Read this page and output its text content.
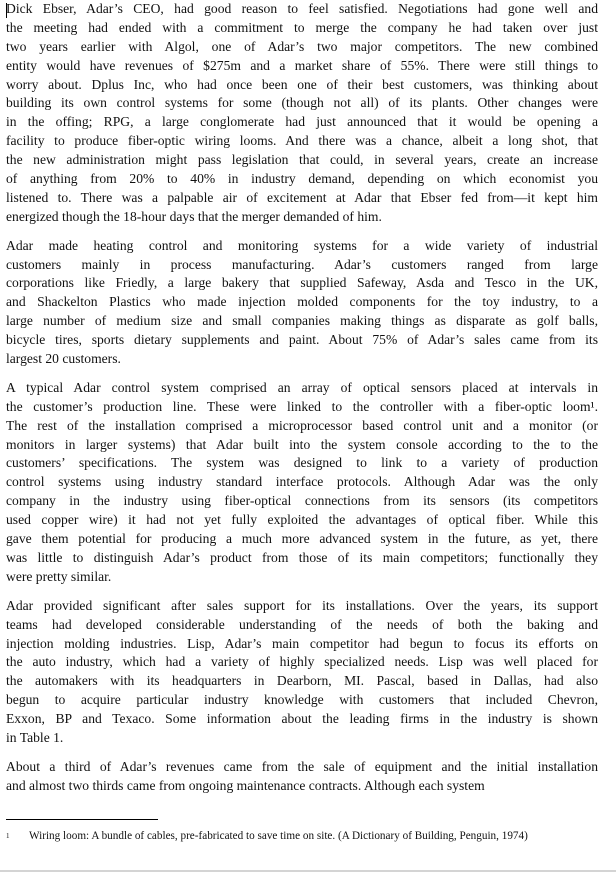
Dick Ebser, Adar’s CEO, had good reason to feel satisfied. Negotiations had gone well and
the meeting had ended with a commitment to merge the company he had taken over just
two years earlier with Algol, one of Adar’s two major competitors. The new combined
entity would have revenues of $275m and a market share of 55%. There were still things to
worry about. Dplus Inc, who had once been one of their best customers, was thinking about
building its own control systems for some (though not all) of its plants. Other changes were
in the offing; RPG, a large conglomerate had just announced that it would be opening a
facility to produce fiber-optic wiring looms. And there was a chance, albeit a long shot, that
the new administration might pass legislation that could, in several years, create an increase
of anything from 20% to 40% in industry demand, depending on which economist you
listened to. There was a palpable air of excitement at Adar that Ebser fed from—it kept him
energized though the 18-hour days that the merger demanded of him.
Adar made heating control and monitoring systems for a wide variety of industrial
customers mainly in process manufacturing. Adar’s customers ranged from large
corporations like Friedly, a large bakery that supplied Safeway, Asda and Tesco in the UK,
and Shackelton Plastics who made injection molded components for the toy industry, to a
large number of medium size and small companies making things as disparate as golf balls,
bicycle tires, sports dietary supplements and paint. About 75% of Adar’s sales came from its
largest 20 customers.
A typical Adar control system comprised an array of optical sensors placed at intervals in
the customer’s production line. These were linked to the controller with a fiber-optic loom¹.
The rest of the installation comprised a microprocessor based control unit and a monitor (or
monitors in larger systems) that Adar built into the system console according to the to the
customers’ specifications. The system was designed to link to a variety of production
control systems using industry standard interface protocols. Although Adar was the only
company in the industry using fiber-optical connections from its sensors (its competitors
used copper wire) it had not yet fully exploited the advantages of optical fiber. While this
gave them potential for producing a much more advanced system in the future, as yet, there
was little to distinguish Adar’s product from those of its main competitors; functionally they
were pretty similar.
Adar provided significant after sales support for its installations. Over the years, its support
teams had developed considerable understanding of the needs of both the baking and
injection molding industries. Lisp, Adar’s main competitor had begun to focus its efforts on
the auto industry, which had a variety of highly specialized needs. Lisp was well placed for
the automakers with its headquarters in Dearborn, MI. Pascal, based in Dallas, had also
begun to acquire particular industry knowledge with customers that included Chevron,
Exxon, BP and Texaco. Some information about the leading firms in the industry is shown
in Table 1.
About a third of Adar’s revenues came from the sale of equipment and the initial installation
and almost two thirds came from ongoing maintenance contracts. Although each system
1 Wiring loom: A bundle of cables, pre-fabricated to save time on site. (A Dictionary of Building, Penguin, 1974)
